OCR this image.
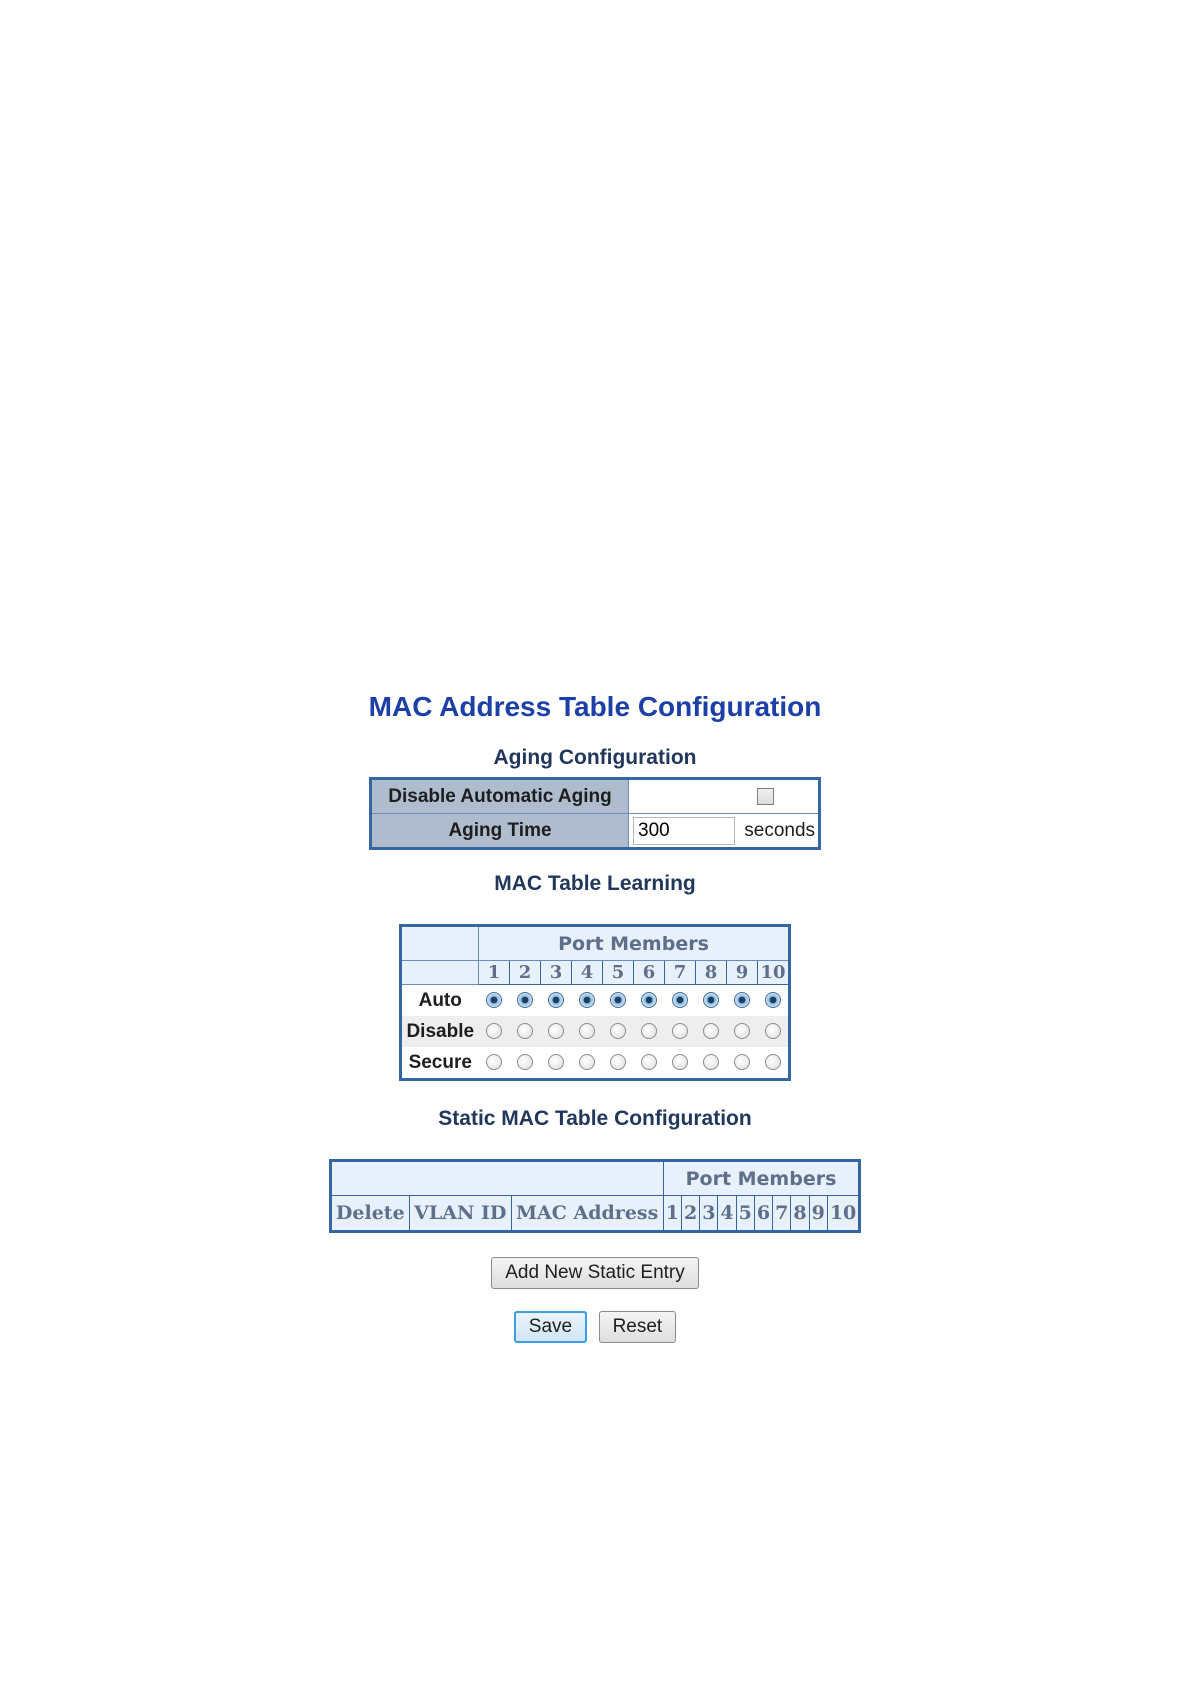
MAC Address Table Configuration
Aging Configuration
Disable Automatic Aging	
Aging Time	300seconds
MAC Table Learning
	Port Members									
	1	2	3	4	5	6	7	8	9	10
Auto										
Disable										
Secure										
Static MAC Table Configuration
			Port Members									
Delete	VLAN ID	MAC Address	1	2	3	4	5	6	7	8	9	10
Add New Static Entry
Save Reset
